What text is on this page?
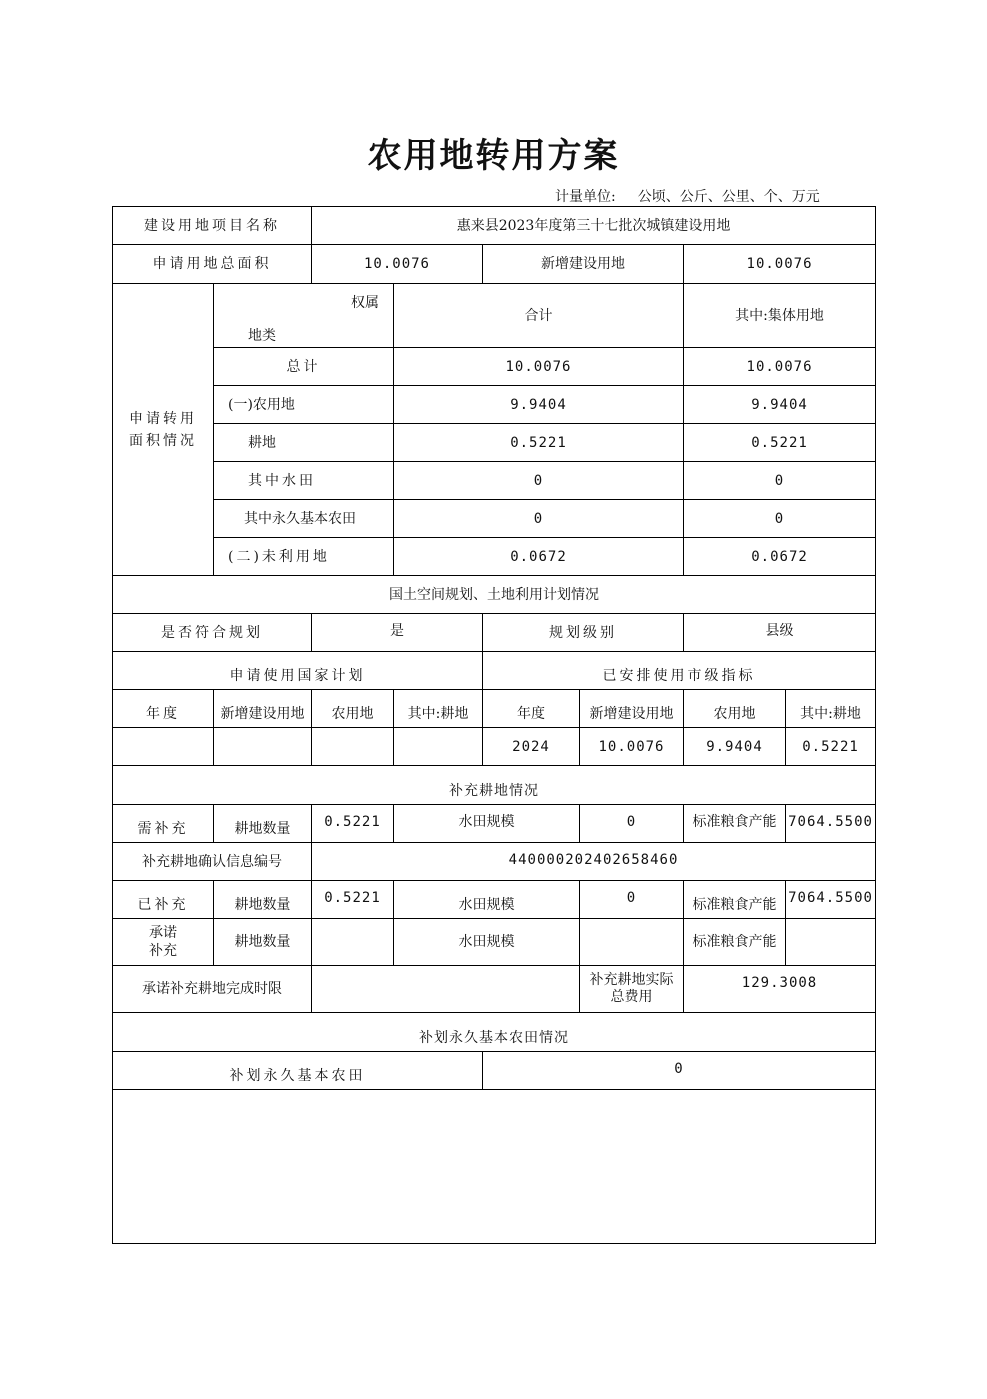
农用地转用方案
计量单位: 公顷、公斤、公里、个、万元
建设用地项目名称		惠来县2023年度第三十七批次城镇建设用地					
申请用地总面积		10.0076		新增建设用地		10.0076	
申请转用面积情况	权属
地类		合计			其中:集体用地	
	总计		10.0076			10.0076	
	(一)农用地		9.9404			9.9404	
	耕地		0.5221			0.5221	
	其中水田		0			0	
	其中永久基本农田		0			0	
	(二)未利用地		0.0672			0.0672	
国土空间规划、土地利用计划情况							
是否符合规划		是		规划级别		县级	
申请使用国家计划				已安排使用市级指标			
年度	新增建设用地	农用地	其中:耕地	年度	新增建设用地	农用地	其中:耕地
				2024	10.0076	9.9404	0.5221
补充耕地情况							
需补充	耕地数量	0.5221	水田规模		0	标准粮食产能	7064.5500
补充耕地确认信息编号		440000202402658460					
已补充	耕地数量	0.5221	水田规模		0	标准粮食产能	7064.5500
承诺补充	耕地数量		水田规模			标准粮食产能	
承诺补充耕地完成时限					补充耕地实际总费用	129.3008	
补划永久基本农田情况							
补划永久基本农田				0			
